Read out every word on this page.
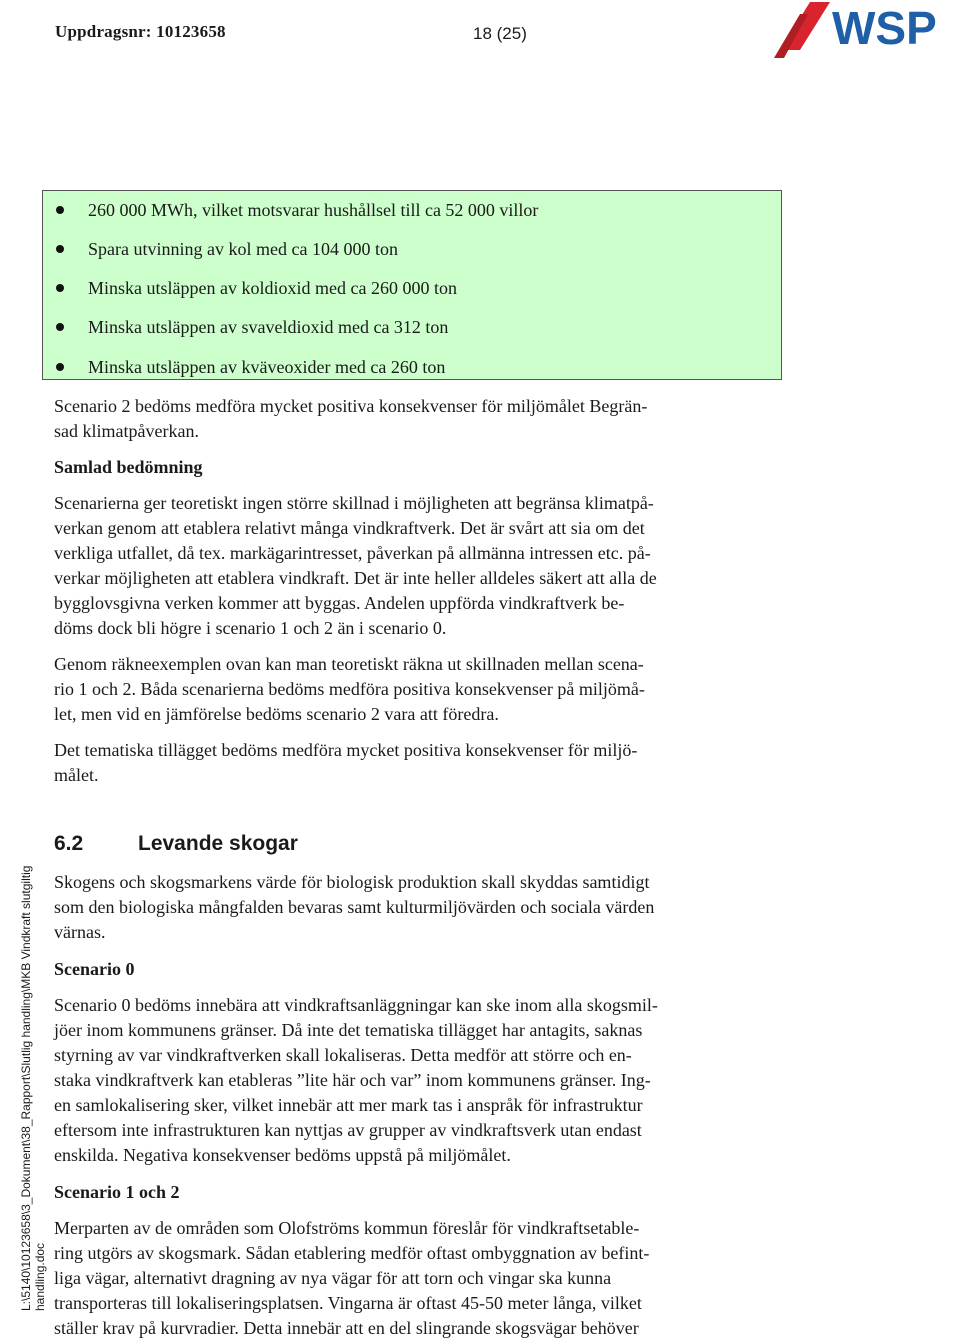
Uppdragsnr: 10123658	18 (25)	WSP
260 000 MWh, vilket motsvarar hushållsel till ca 52 000 villor
Spara utvinning av kol med ca 104 000 ton
Minska utsläppen av koldioxid med ca 260 000 ton
Minska utsläppen av svaveldioxid med ca 312 ton
Minska utsläppen av kväveoxider med ca 260 ton
Scenario 2 bedöms medföra mycket positiva konsekvenser för miljömålet Begrän-
sad klimatpåverkan.
Samlad bedömning
Scenarierna ger teoretiskt ingen större skillnad i möjligheten att begränsa klimatpå-
verkan genom att etablera relativt många vindkraftverk. Det är svårt att sia om det
verkliga utfallet, då tex. markägarintresset, påverkan på allmänna intressen etc. på-
verkar möjligheten att etablera vindkraft. Det är inte heller alldeles säkert att alla de
bygglovsgivna verken kommer att byggas. Andelen uppförda vindkraftverk be-
döms dock bli högre i scenario 1 och 2 än i scenario 0.
Genom räkneexemplen ovan kan man teoretiskt räkna ut skillnaden mellan scena-
rio 1 och 2. Båda scenarierna bedöms medföra positiva konsekvenser på miljömå-
let, men vid en jämförelse bedöms scenario 2 vara att föredra.
Det tematiska tillägget bedöms medföra mycket positiva konsekvenser för miljö-
målet.
6.2	Levande skogar
Skogens och skogsmarkens värde för biologisk produktion skall skyddas samtidigt
som den biologiska mångfalden bevaras samt kulturmiljövärden och sociala värden
värnas.
Scenario 0
Scenario 0 bedöms innebära att vindkraftsanläggningar kan ske inom alla skogsmil-
jöer inom kommunens gränser. Då inte det tematiska tillägget har antagits, saknas
styrning av var vindkraftverken skall lokaliseras. Detta medför att större och en-
staka vindkraftverk kan etableras ”lite här och var” inom kommunens gränser. Ing-
en samlokalisering sker, vilket innebär att mer mark tas i anspråk för infrastruktur
eftersom inte infrastrukturen kan nyttjas av grupper av vindkraftsverk utan endast
enskilda. Negativa konsekvenser bedöms uppstå på miljömålet.
Scenario 1 och 2
Merparten av de områden som Olofströms kommun föreslår för vindkraftsetable-
ring utgörs av skogsmark. Sådan etablering medför oftast ombyggnation av befint-
liga vägar, alternativt dragning av nya vägar för att torn och vingar ska kunna
transporteras till lokaliseringsplatsen. Vingarna är oftast 45-50 meter långa, vilket
ställer krav på kurvradier. Detta innebär att en del slingrande skogsvägar behöver
L:\5140\10123658\3_Dokument\38_Rapport\Slutlig handling\MKB Vindkraft slutgiltig handling.doc
